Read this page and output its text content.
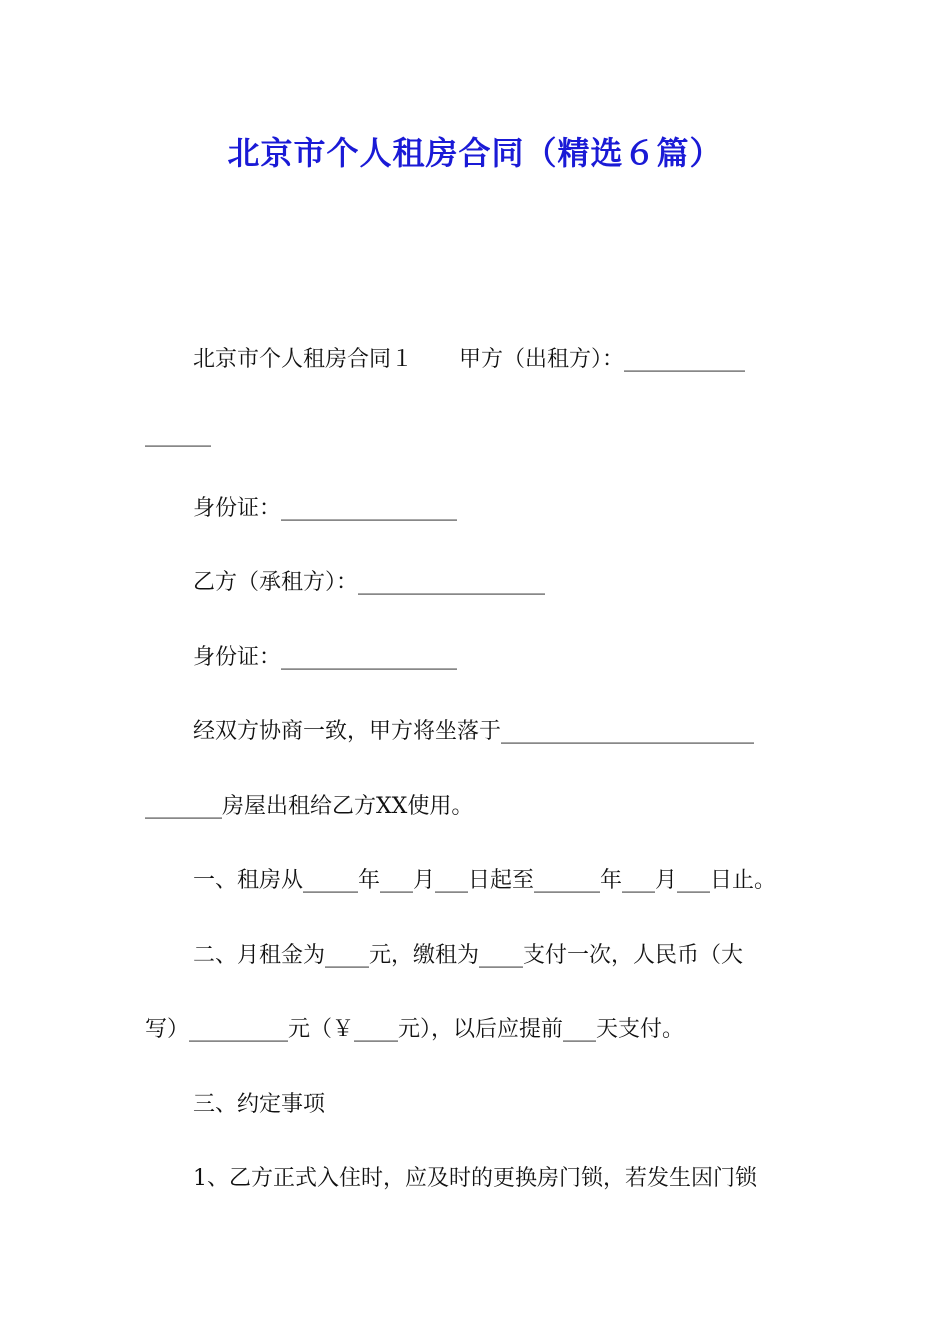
北京市个人租房合同（精选６篇）
北京市个人租房合同１ 甲方（出租方）：___________
______
身份证：________________
乙方（承租方）：_________________
身份证：________________
经双方协商一致，甲方将坐落于_______________________
_______房屋出租给乙方XX使用。
一、租房从_____年___月___日起至______年___月___日止。
二、月租金为____元，缴租为____支付一次，人民币（大
写）_________元（￥____元），以后应提前___天支付。
三、约定事项
1、乙方正式入住时，应及时的更换房门锁，若发生因门锁
